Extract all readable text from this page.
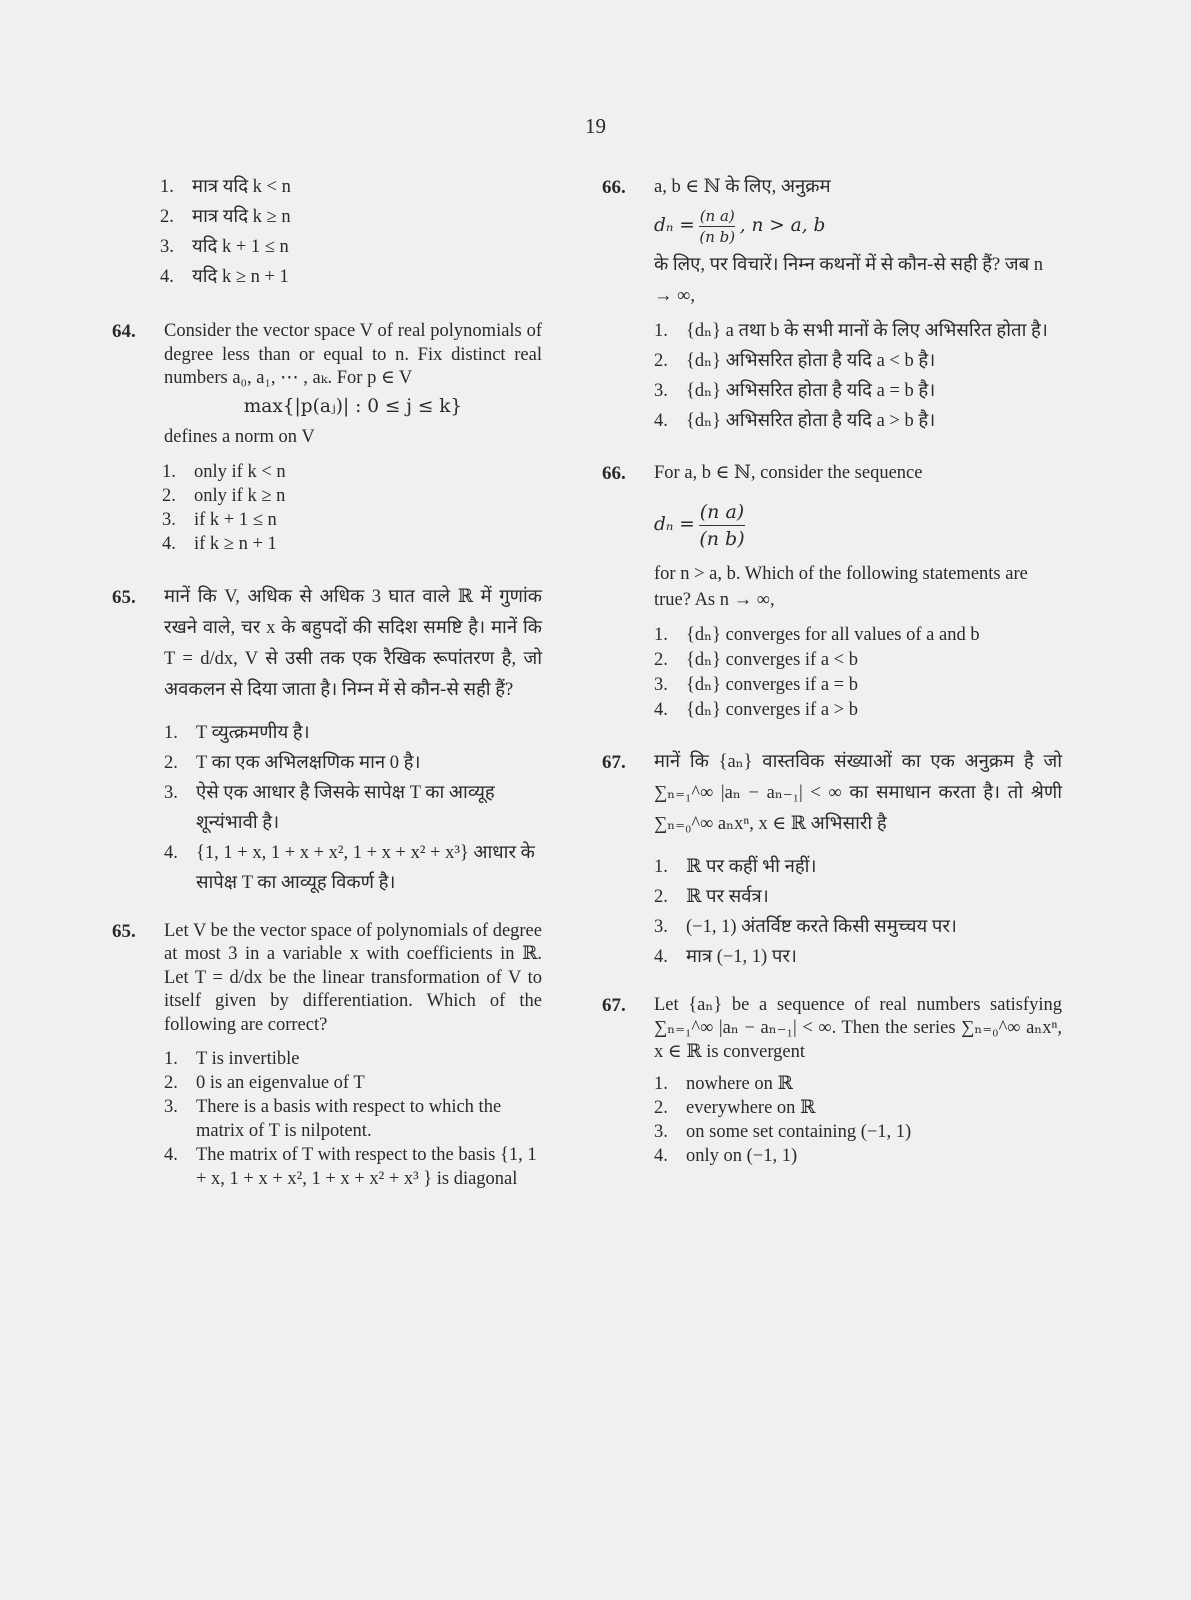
19
1. मात्र यदि k < n
2. मात्र यदि k ≥ n
3. यदि k + 1 ≤ n
4. यदि k ≥ n + 1
64. Consider the vector space V of real polynomials of degree less than or equal to n. Fix distinct real numbers a₀, a₁, ⋯ , aₖ. For p ∈ V

max{|p(aⱼ)| : 0 ≤ j ≤ k}

defines a norm on V

1. only if k < n
2. only if k ≥ n
3. if k + 1 ≤ n
4. if k ≥ n + 1
65. मानें कि V, अधिक से अधिक 3 घात वाले ℝ में गुणांक रखने वाले, चर x के बहुपदों की सदिश समष्टि है। मानें कि T = d/dx, V से उसी तक एक रैखिक रूपांतरण है, जो अवकलन से दिया जाता है। निम्न में से कौन-से सही हैं?

1. T व्युत्क्रमणीय है।
2. T का एक अभिलक्षणिक मान 0 है।
3. ऐसे एक आधार है जिसके सापेक्ष T का आव्यूह शून्यंभावी है।
4. {1, 1 + x, 1 + x + x², 1 + x + x² + x³} आधार के सापेक्ष T का आव्यूह विकर्ण है।
65. Let V be the vector space of polynomials of degree at most 3 in a variable x with coefficients in ℝ. Let T = d/dx be the linear transformation of V to itself given by differentiation. Which of the following are correct?

1. T is invertible
2. 0 is an eigenvalue of T
3. There is a basis with respect to which the matrix of T is nilpotent.
4. The matrix of T with respect to the basis {1, 1 + x, 1 + x + x², 1 + x + x² + x³ } is diagonal
66. a, b ∈ ℕ के लिए, अनुक्रम

$d_n = \frac{\text{(n a)}}{\text{(n b)}}$ , n > a, b

के लिए, पर विचारें। निम्न कथनों में से कौन-से सही हैं? जब n → ∞,

1. {dₙ} a तथा b के सभी मानों के लिए अभिसरित होता है।
2. {dₙ} अभिसरित होता है यदि a < b है।
3. {dₙ} अभिसरित होता है यदि a = b है।
4. {dₙ} अभिसरित होता है यदि a > b है।
66. For a, b ∈ ℕ, consider the sequence

$d_n = \frac{\text{(n a)}}{\text{(n b)}}$

for n > a, b. Which of the following statements are true? As n → ∞,

1. {dₙ} converges for all values of a and b
2. {dₙ} converges if a < b
3. {dₙ} converges if a = b
4. {dₙ} converges if a > b
67. मानें कि {aₙ} वास्तविक संख्याओं का एक अनुक्रम है जो ∑ₙ₌₁^∞ |aₙ − aₙ₋₁| < ∞ का समाधान करता है। तो श्रेणी ∑ₙ₌₀^∞ aₙxⁿ, x ∈ ℝ अभिसारी है

1. ℝ पर कहीं भी नहीं।
2. ℝ पर सर्वत्र।
3. (−1, 1) अंतर्विष्ट करते किसी समुच्चय पर।
4. मात्र (−1, 1) पर।
67. Let {aₙ} be a sequence of real numbers satisfying ∑ₙ₌₁^∞ |aₙ − aₙ₋₁| < ∞. Then the series ∑ₙ₌₀^∞ aₙxⁿ, x ∈ ℝ is convergent

1. nowhere on ℝ
2. everywhere on ℝ
3. on some set containing (−1, 1)
4. only on (−1, 1)
